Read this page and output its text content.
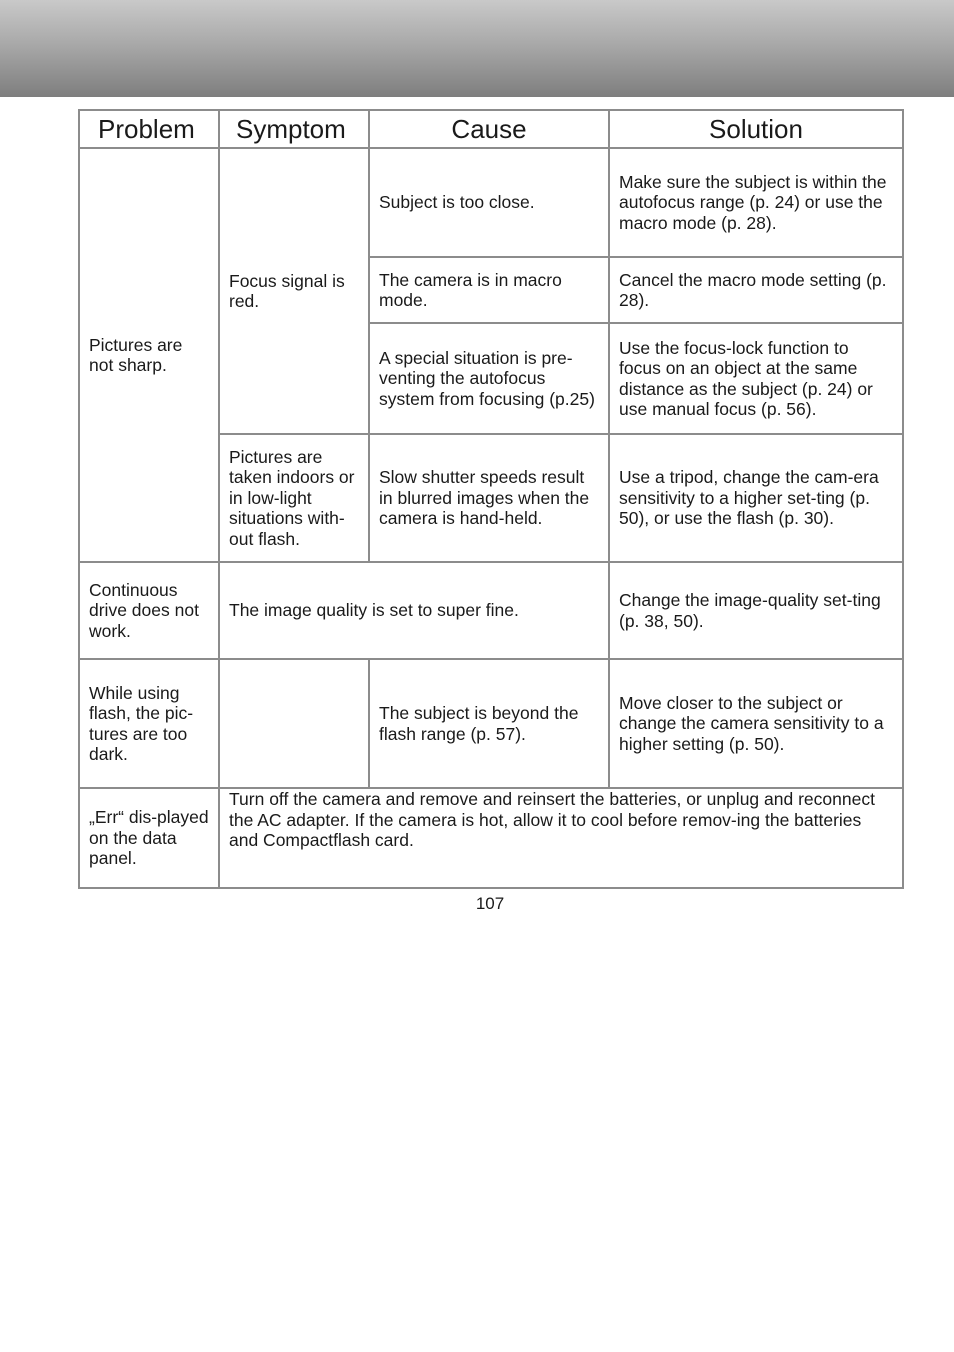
Problem	Symptom	Cause	Solution
Pictures are not sharp.	Focus signal is red.	Subject is too close.	Make sure the subject is within the autofocus range (p. 24) or use the macro mode (p. 28).
		The camera is in macro mode.	Cancel the macro mode setting (p. 28).
		A special situation is pre-venting the autofocus system from focusing (p.25)	Use the focus-lock function to focus on an object at the same distance as the subject (p. 24) or use manual focus (p. 56).
	Pictures are taken indoors or in low-light situations with-out flash.	Slow shutter speeds result in blurred images when the camera is hand-held.	Use a tripod, change the cam-era sensitivity to a higher set-ting (p. 50), or use the flash (p. 30).
Continuous drive does not work.	The image quality is set to super fine.		Change the image-quality set-ting (p. 38, 50).
While using flash, the pic-tures are too dark.		The subject is beyond the flash range (p. 57).	Move closer to the subject or change the camera sensitivity to a higher setting (p. 50).
„Err“ dis-played on the data panel.	Turn off the camera and remove and reinsert the batteries, or unplug and reconnect the AC adapter. If the camera is hot, allow it to cool before remov-ing the batteries and Compactflash card.		
107
